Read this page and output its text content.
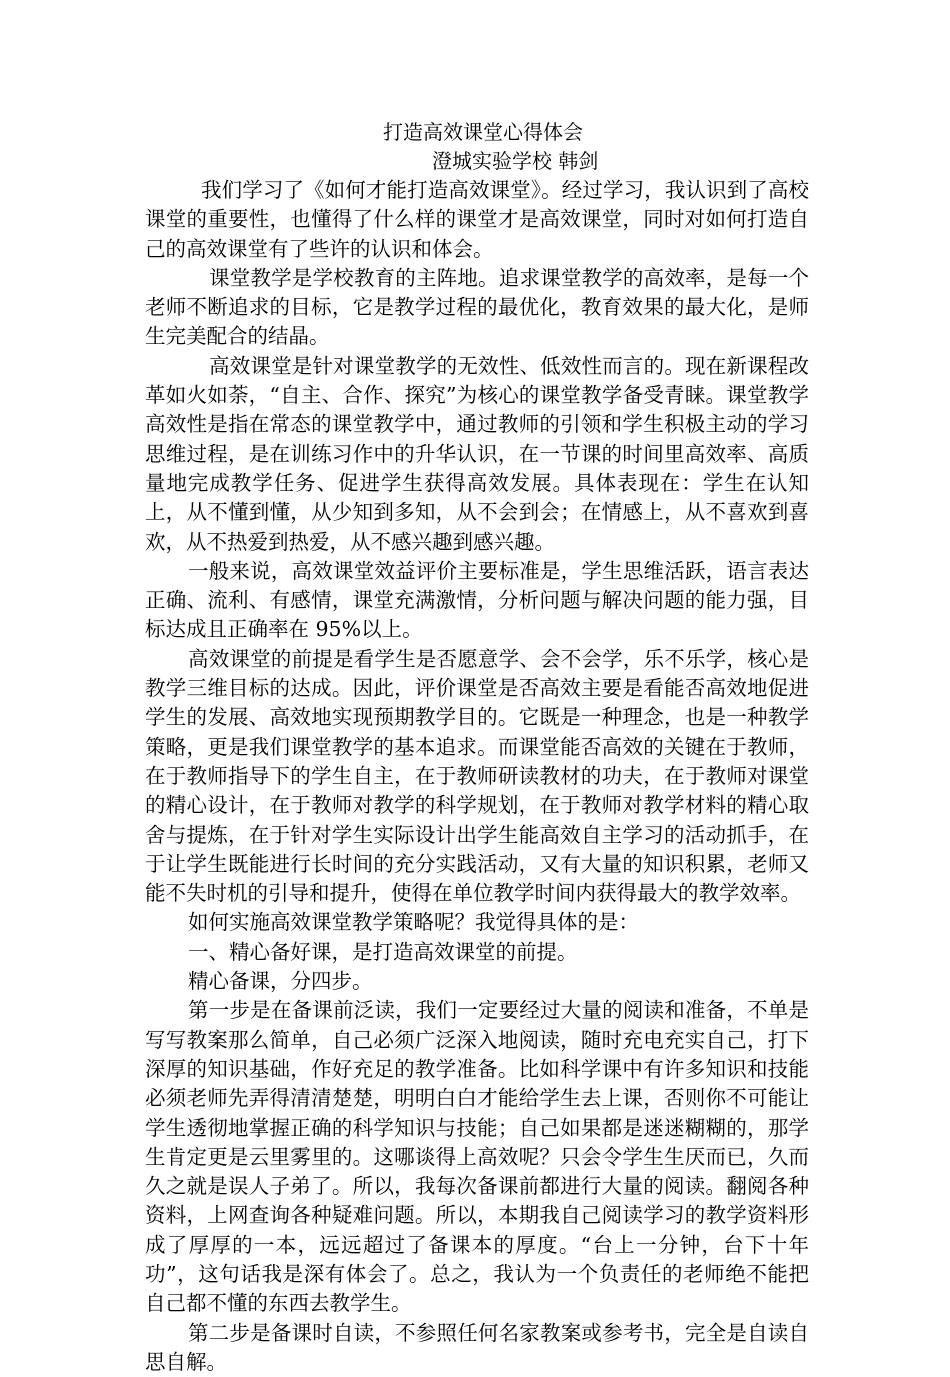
打造高效课堂心得体会
澄城实验学校 韩剑

我们学习了《如何才能打造高效课堂》。经过学习，我认识到了高校课堂的重要性，也懂得了什么样的课堂才是高效课堂，同时对如何打造自己的高效课堂有了些许的认识和体会。

课堂教学是学校教育的主阵地。追求课堂教学的高效率，是每一个老师不断追求的目标，它是教学过程的最优化，教育效果的最大化，是师生完美配合的结晶。

高效课堂是针对课堂教学的无效性、低效性而言的。现在新课程改革如火如荼，“自主、合作、探究”为核心的课堂教学备受青睐。课堂教学高效性是指在常态的课堂教学中，通过教师的引领和学生积极主动的学习思维过程，是在训练习作中的升华认识，在一节课的时间里高效率、高质量地完成教学任务、促进学生获得高效发展。具体表现在：学生在认知上，从不懂到懂，从少知到多知，从不会到会；在情感上，从不喜欢到喜欢，从不热爱到热爱，从不感兴趣到感兴趣。

一般来说，高效课堂效益评价主要标准是，学生思维活跃，语言表达正确、流利、有感情，课堂充满激情，分析问题与解决问题的能力强，目标达成且正确率在 95%以上。

高效课堂的前提是看学生是否愿意学、会不会学，乐不乐学，核心是教学三维目标的达成。因此，评价课堂是否高效主要是看能否高效地促进学生的发展、高效地实现预期教学目的。它既是一种理念，也是一种教学策略，更是我们课堂教学的基本追求。而课堂能否高效的关键在于教师，在于教师指导下的学生自主，在于教师研读教材的功夫，在于教师对课堂的精心设计，在于教师对教学的科学规划，在于教师对教学材料的精心取舍与提炼，在于针对学生实际设计出学生能高效自主学习的活动抓手，在于让学生既能进行长时间的充分实践活动，又有大量的知识积累，老师又能不失时机的引导和提升，使得在单位教学时间内获得最大的教学效率。

如何实施高效课堂教学策略呢？我觉得具体的是：

一、精心备好课，是打造高效课堂的前提。

精心备课，分四步。

第一步是在备课前泛读，我们一定要经过大量的阅读和准备，不单是写写教案那么简单，自己必须广泛深入地阅读，随时充电充实自己，打下深厚的知识基础，作好充足的教学准备。比如科学课中有许多知识和技能必须老师先弄得清清楚楚，明明白白才能给学生去上课，否则你不可能让学生透彻地掌握正确的科学知识与技能；自己如果都是迷迷糊糊的，那学生肯定更是云里雾里的。这哪谈得上高效呢？只会令学生生厌而已，久而久之就是误人子弟了。所以，我每次备课前都进行大量的阅读。翻阅各种资料，上网查询各种疑难问题。所以，本期我自己阅读学习的教学资料形成了厚厚的一本，远远超过了备课本的厚度。“台上一分钟，台下十年功”，这句话我是深有体会了。总之，我认为一个负责任的老师绝不能把自己都不懂的东西去教学生。

第二步是备课时自读，不参照任何名家教案或参考书，完全是自读自思自解。
